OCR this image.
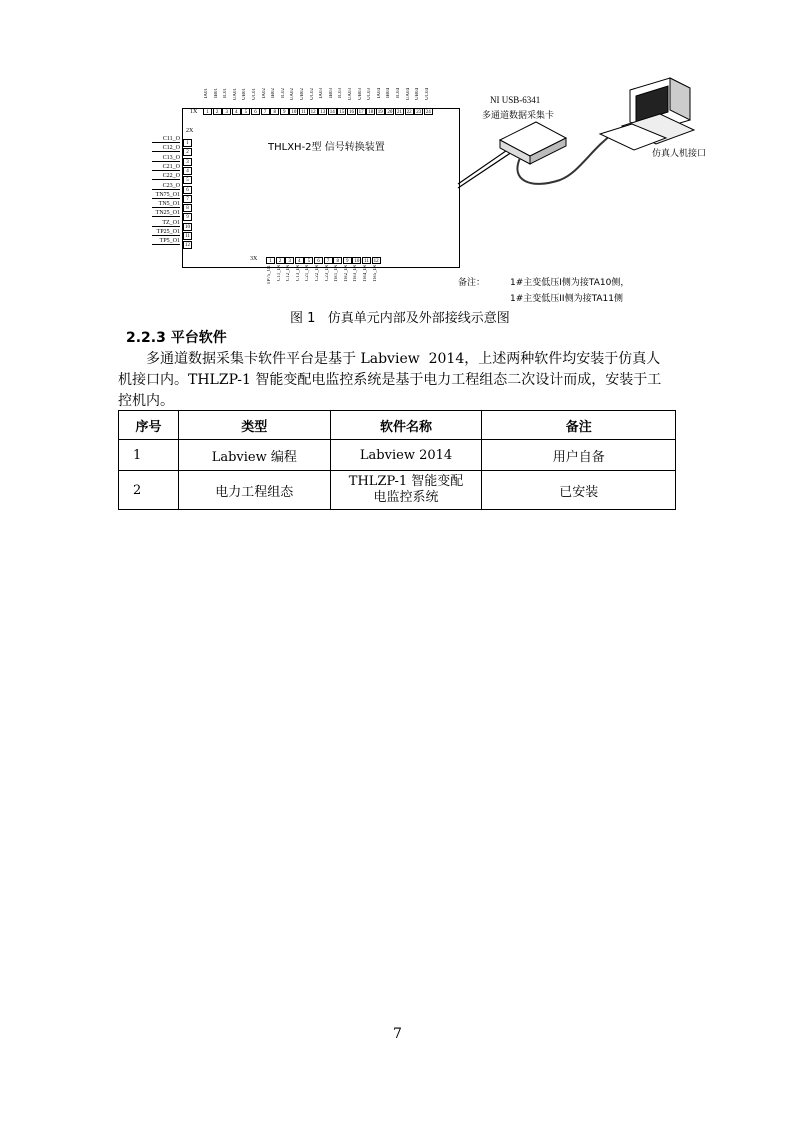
THLXH-2型 信号转换装置
1X
2X
3X
1
IA01
2
IB01
3
IC01
4
UA01
5
UB01
6
UC01
7
IA02
8
IB02
9
IC02
10
UA02
11
UB02
12
UC02
13
IA03
14
IB03
15
IC03
16
UA03
17
UB03
18
UC03
19
IA04
20
IB04
21
IC04
22
UA04
23
UB04
24
UC04
1
C11_O
2
C12_O
3
C13_O
4
C21_O
5
C22_O
6
C23_O
7
TN75_O1
8
TN5_O1
9
TN25_O1
10
TZ_O1
11
TP25_O1
12
TP5_O1
1
TP75_O1
2
C11_IN
3
C12_IN
4
C13_IN
5
C21_IN
6
C22_IN
7
C23_IN
8
TH1_IN
9
TH2_IN
10
TH3_IN
11
TH4_IN
12
TH5_IN
NI USB-6341
多通道数据采集卡
仿真人机接口
备注：	1#主变低压I侧为接TA10侧，
1#主变低压II侧为接TA11侧
图 1   仿真单元内部及外部接线示意图
2.2.3 平台软件
多通道数据采集卡软件平台是基于 Labview  2014，上述两种软件均安装于仿真人
机接口内。THLZP-1 智能变配电监控系统是基于电力工程组态二次设计而成，安装于工
控机内。
序号	类型	软件名称	备注
1	Labview 编程	Labview 2014	用户自备
2	电力工程组态	THLZP-1 智能变配电监控系统	已安装
7
